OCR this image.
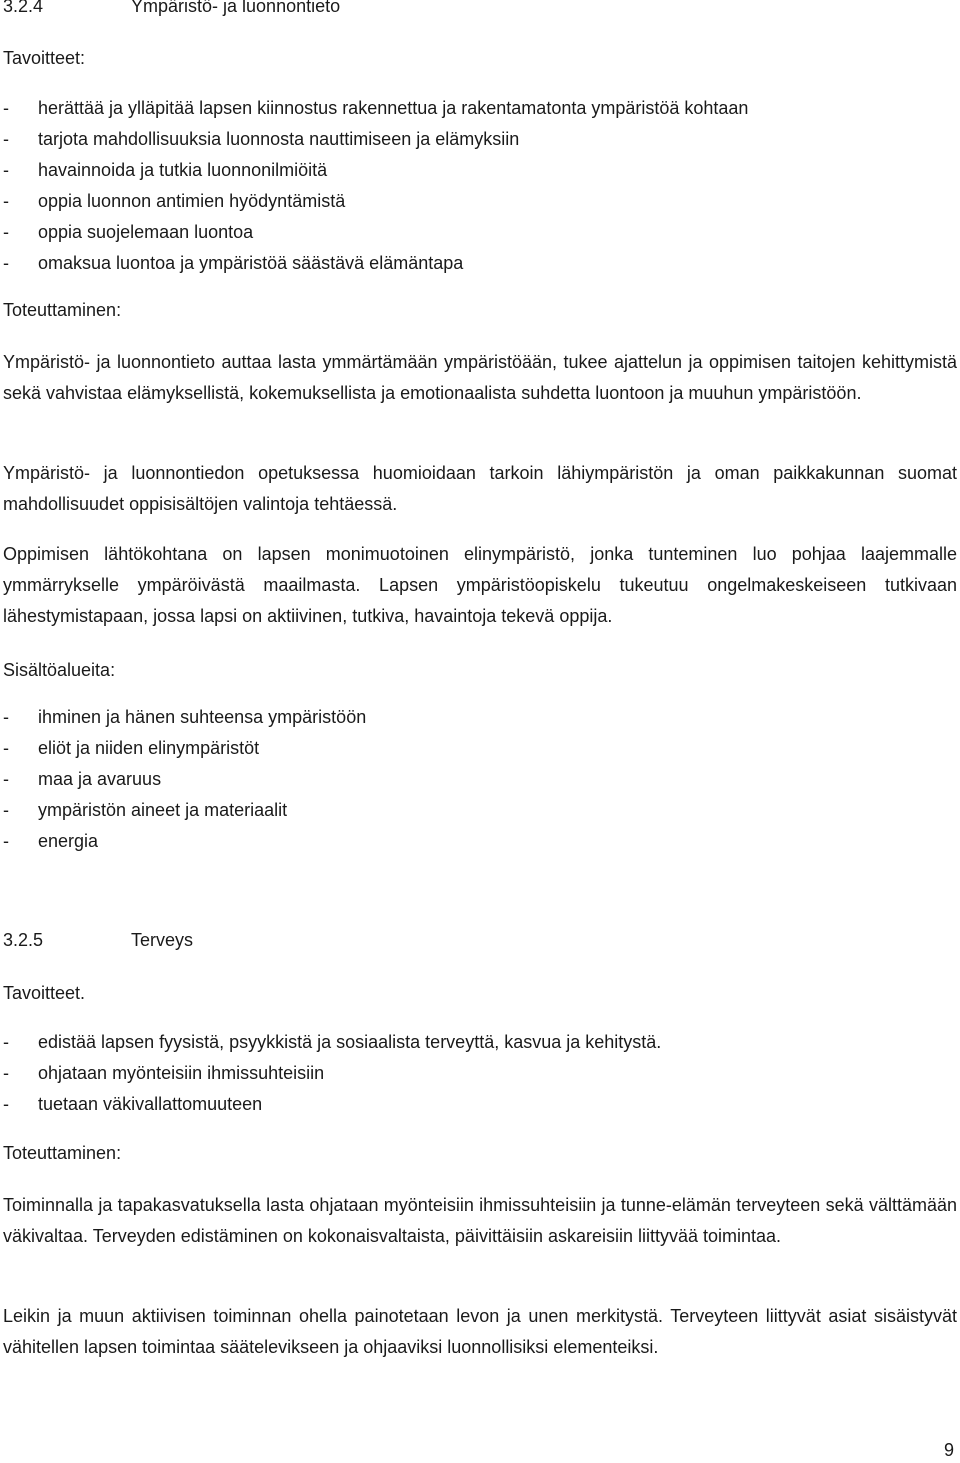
3.2.4	Ympäristö- ja luonnontieto
Tavoitteet:
- herättää ja ylläpitää lapsen kiinnostus rakennettua ja rakentamatonta ympäristöä kohtaan
- tarjota mahdollisuuksia luonnosta nauttimiseen ja elämyksiin
- havainnoida ja tutkia luonnonilmiöitä
- oppia luonnon antimien hyödyntämistä
- oppia suojelemaan luontoa
- omaksua luontoa ja ympäristöä säästävä elämäntapa
Toteuttaminen:

Ympäristö- ja luonnontieto auttaa lasta ymmärtämään ympäristöään, tukee ajattelun ja oppimisen taitojen kehittymistä sekä vahvistaa elämyksellistä, kokemuksellista ja emotionaalista suhdetta luontoon ja muuhun ympäristöön.

Ympäristö- ja luonnontiedon opetuksessa huomioidaan tarkoin lähiympäristön ja oman paikkakunnan suomat mahdollisuudet oppisisältöjen valintoja tehtäessä.

Oppimisen lähtökohtana on lapsen monimuotoinen elinympäristö, jonka tunteminen luo pohjaa laajemmalle ymmärrykselle ympäröivästä maailmasta. Lapsen ympäristöopiskelu tukeutuu ongelmakeskeiseen tutkivaan lähestymistapaan, jossa lapsi on aktiivinen, tutkiva, havaintoja tekevä oppija.

Sisältöalueita:
- ihminen ja hänen suhteensa ympäristöön
- eliöt ja niiden elinympäristöt
- maa ja avaruus
- ympäristön aineet ja materiaalit
- energia
3.2.5	Terveys
Tavoitteet.
- edistää lapsen fyysistä, psyykkistä ja sosiaalista terveyttä, kasvua ja kehitystä.
- ohjataan myönteisiin ihmissuhteisiin
- tuetaan väkivallattomuuteen
Toteuttaminen:

Toiminnalla ja tapakasvatuksella lasta ohjataan myönteisiin ihmissuhteisiin ja tunne-elämän terveyteen sekä välttämään väkivaltaa. Terveyden edistäminen on kokonaisvaltaista, päivittäisiin askareisiin liittyvää toimintaa.

Leikin ja muun aktiivisen toiminnan ohella painotetaan levon ja unen merkitystä. Terveyteen liittyvät asiat sisäistyvät vähitellen lapsen toimintaa säätelevikseen ja ohjaaviksi luonnollisiksi elementeiksi.

9
